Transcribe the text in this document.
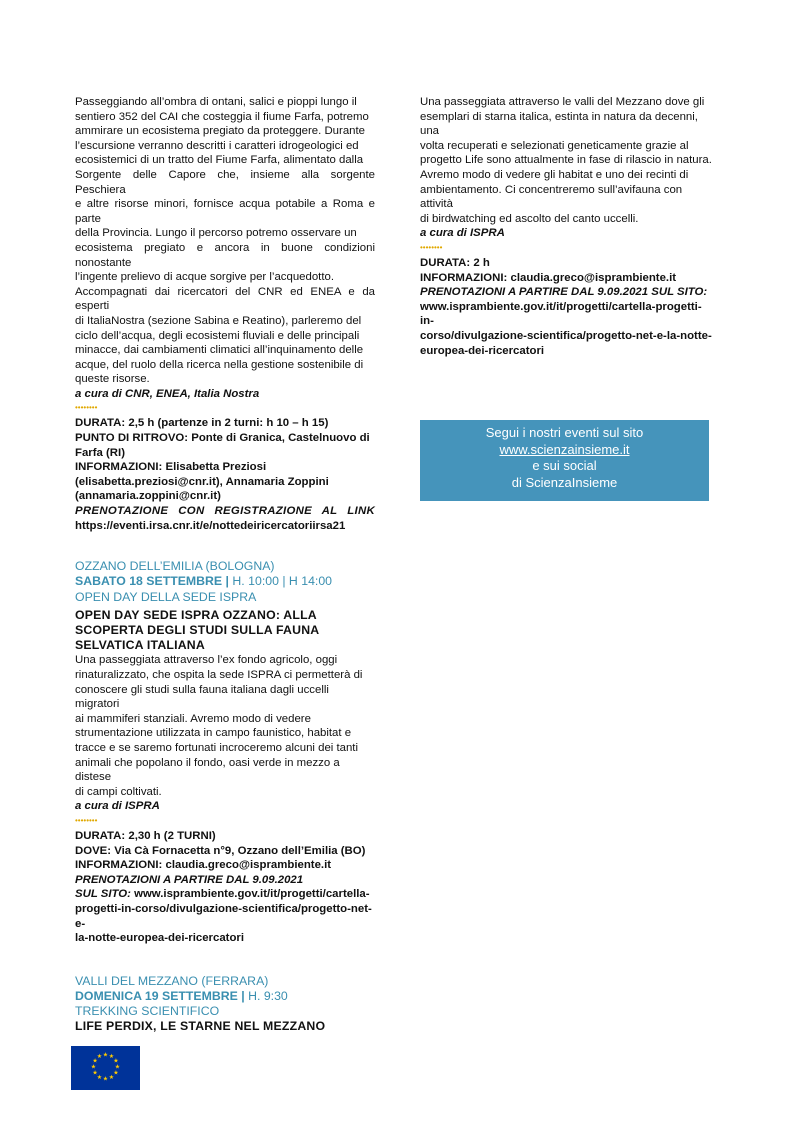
Passeggiando all’ombra di ontani, salici e pioppi lungo il

sentiero 352 del CAI che costeggia il fiume Farfa, potremo

ammirare un ecosistema pregiato da proteggere. Durante

l’escursione verranno descritti i caratteri idrogeologici ed

ecosistemici di un tratto del Fiume Farfa, alimentato dalla

Sorgente delle Capore che, insieme alla sorgente Peschiera

e altre risorse minori, fornisce acqua potabile a Roma e parte

della Provincia. Lungo il percorso potremo osservare un

ecosistema pregiato e ancora in buone condizioni nonostante

l’ingente prelievo di acque sorgive per l’acquedotto.

Accompagnati dai ricercatori del CNR ed ENEA e da esperti

di ItaliaNostra (sezione Sabina e Reatino), parleremo del

ciclo dell’acqua, degli ecosistemi fluviali e delle principali

minacce, dai cambiamenti climatici all’inquinamento delle

acque, del ruolo della ricerca nella gestione sostenibile di

queste risorse.

a cura di CNR, ENEA, Italia Nostra

••••••••

DURATA: 2,5 h (partenze in 2 turni: h 10 – h 15)

PUNTO DI RITROVO: Ponte di Granica, Castelnuovo di

Farfa (RI)

INFORMAZIONI: Elisabetta Preziosi

(elisabetta.preziosi@cnr.it), Annamaria Zoppini

(annamaria.zoppini@cnr.it)

PRENOTAZIONE CON REGISTRAZIONE AL LINK

https://eventi.irsa.cnr.it/e/nottedeiricercatoriirsa21

OZZANO DELL’EMILIA (BOLOGNA)

SABATO 18 SETTEMBRE | H. 10:00 | H 14:00

OPEN DAY DELLA SEDE ISPRA

OPEN DAY SEDE ISPRA OZZANO: ALLA

SCOPERTA DEGLI STUDI SULLA FAUNA

SELVATICA ITALIANA

Una passeggiata attraverso l’ex fondo agricolo, oggi

rinaturalizzato, che ospita la sede ISPRA ci permetterà di

conoscere gli studi sulla fauna italiana dagli uccelli migratori

ai mammiferi stanziali. Avremo modo di vedere

strumentazione utilizzata in campo faunistico, habitat e

tracce e se saremo fortunati incroceremo alcuni dei tanti

animali che popolano il fondo, oasi verde in mezzo a distese

di campi coltivati.

a cura di ISPRA

••••••••

DURATA: 2,30 h (2 TURNI)

DOVE: Via Cà Fornacetta n°9, Ozzano dell’Emilia (BO)

INFORMAZIONI: claudia.greco@isprambiente.it

PRENOTAZIONI A PARTIRE DAL 9.09.2021

SUL SITO: www.isprambiente.gov.it/it/progetti/cartella-

progetti-in-corso/divulgazione-scientifica/progetto-net-e-

la-notte-europea-dei-ricercatori

VALLI DEL MEZZANO (FERRARA)

DOMENICA 19 SETTEMBRE | H. 9:30

TREKKING SCIENTIFICO

LIFE PERDIX, LE STARNE NEL MEZZANO

Una passeggiata attraverso le valli del Mezzano dove gli

esemplari di starna italica, estinta in natura da decenni, una

volta recuperati e selezionati geneticamente grazie al

progetto Life sono attualmente in fase di rilascio in natura.

Avremo modo di vedere gli habitat e uno dei recinti di

ambientamento. Ci concentreremo sull’avifauna con attività

di birdwatching ed ascolto del canto uccelli.

a cura di ISPRA

••••••••

DURATA: 2 h

INFORMAZIONI: claudia.greco@isprambiente.it

PRENOTAZIONI A PARTIRE DAL 9.09.2021 SUL SITO:

www.isprambiente.gov.it/it/progetti/cartella-progetti-in-

corso/divulgazione-scientifica/progetto-net-e-la-notte-

europea-dei-ricercatori

Segui i nostri eventi sul sito

www.scienzainsieme.it

e sui social

di ScienzaInsieme

★ ★
★
★
★
★
★
★
★
★
★
★
